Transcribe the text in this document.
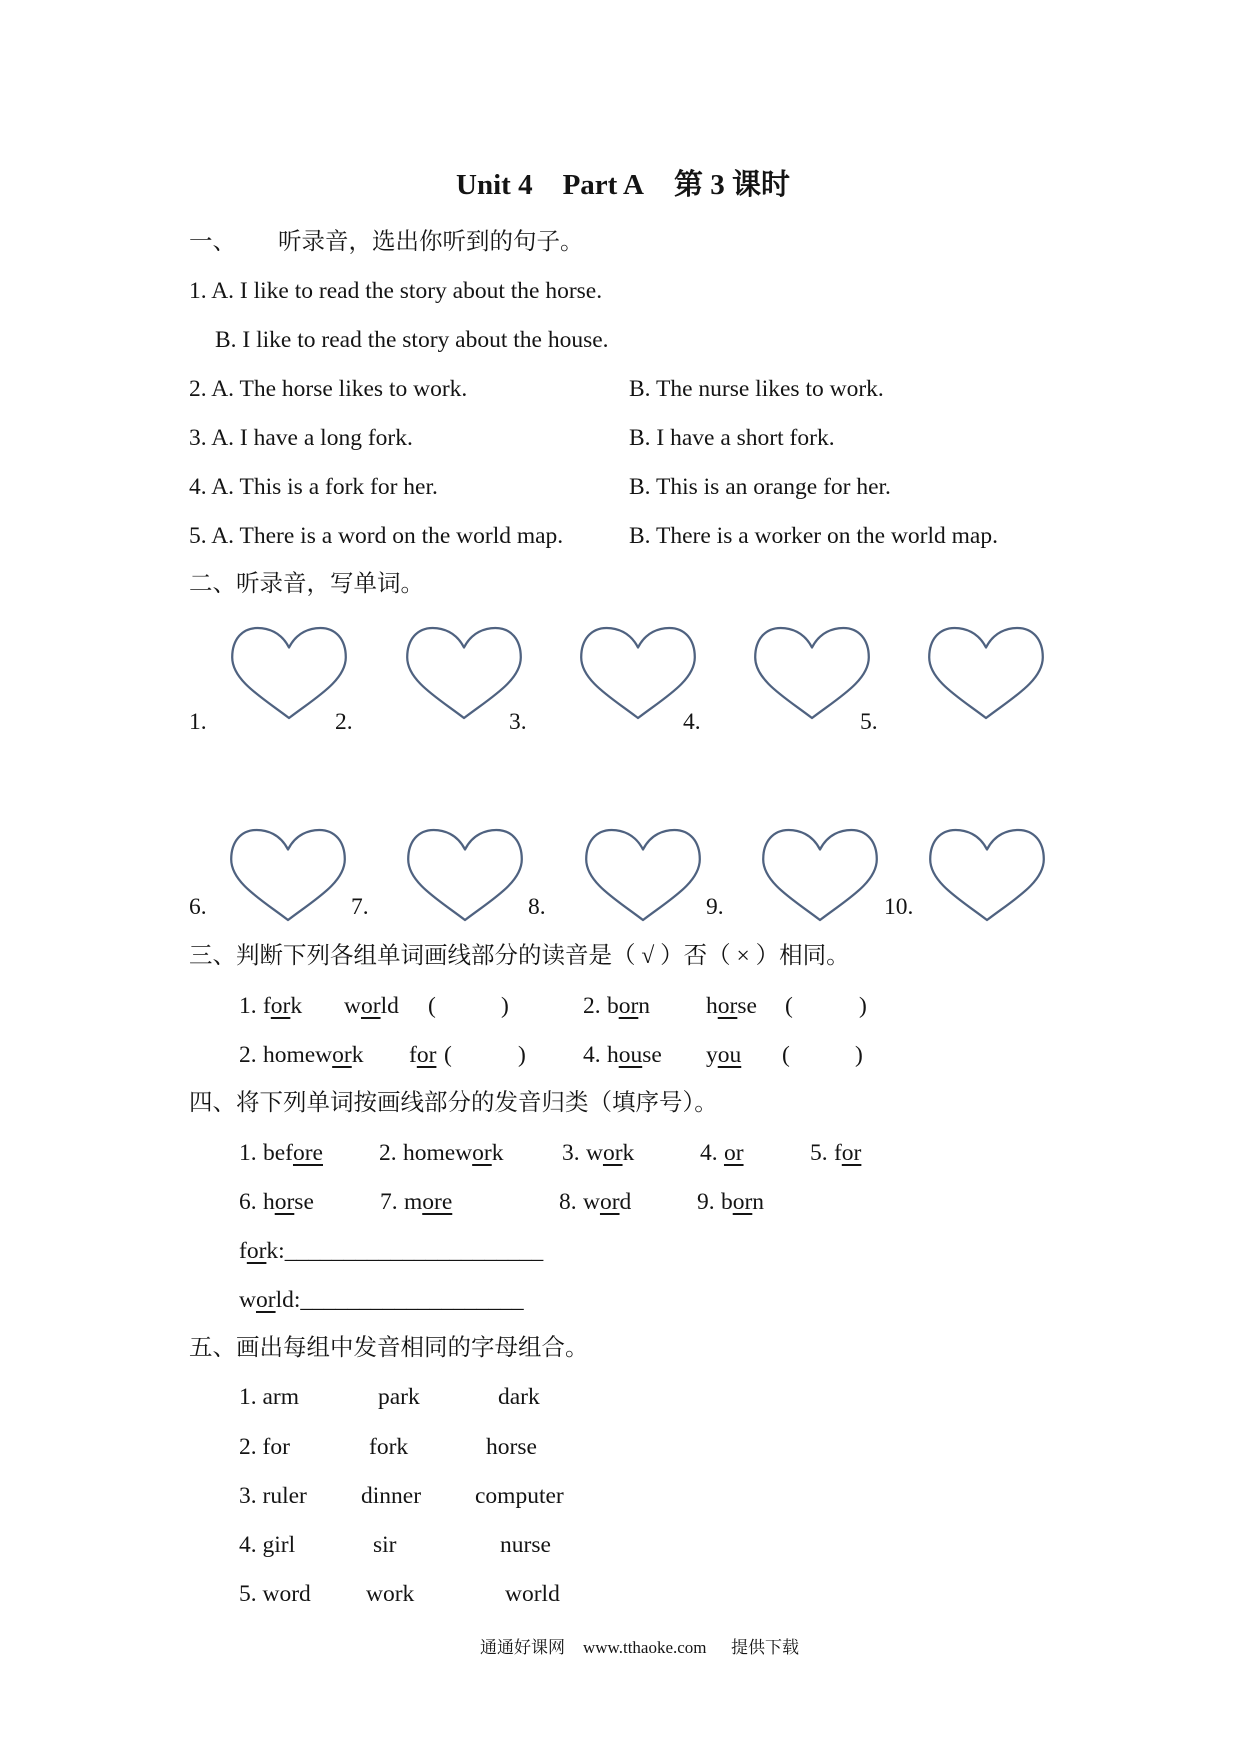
Unit 4 Part A 第 3 课时
一、 听录音，选出你听到的句子。
1. A. I like to read the story about the horse.
B. I like to read the story about the house.
2. A. The horse likes to work.	B. The nurse likes to work.
3. A. I have a long fork.	B. I have a short fork.
4. A. This is a fork for her.	B. This is an orange for her.
5. A. There is a word on the world map.	B. There is a worker on the world map.
二、听录音，写单词。
1.	2.	3.	4.	5.
6.	7.	8.	9.	10.
三、判断下列各组单词画线部分的读音是（ √ ）否（ × ）相同。
1. fork world (	)	2. born horse (	)
2. homework for (	) 4. house you (	)
四、将下列单词按画线部分的发音归类（填序号）。
1. before 2. homework 3. work	4. or	5. for
6. horse	7. more	8. word	9. born
fork:______________________
world:___________________
五、画出每组中发音相同的字母组合。
1. arm	park	dark
2. for	fork	horse
3. ruler dinner computer
4. girl	sir	nurse
5. word work	world
通通好课网 www.tthaoke.com 提供下载
